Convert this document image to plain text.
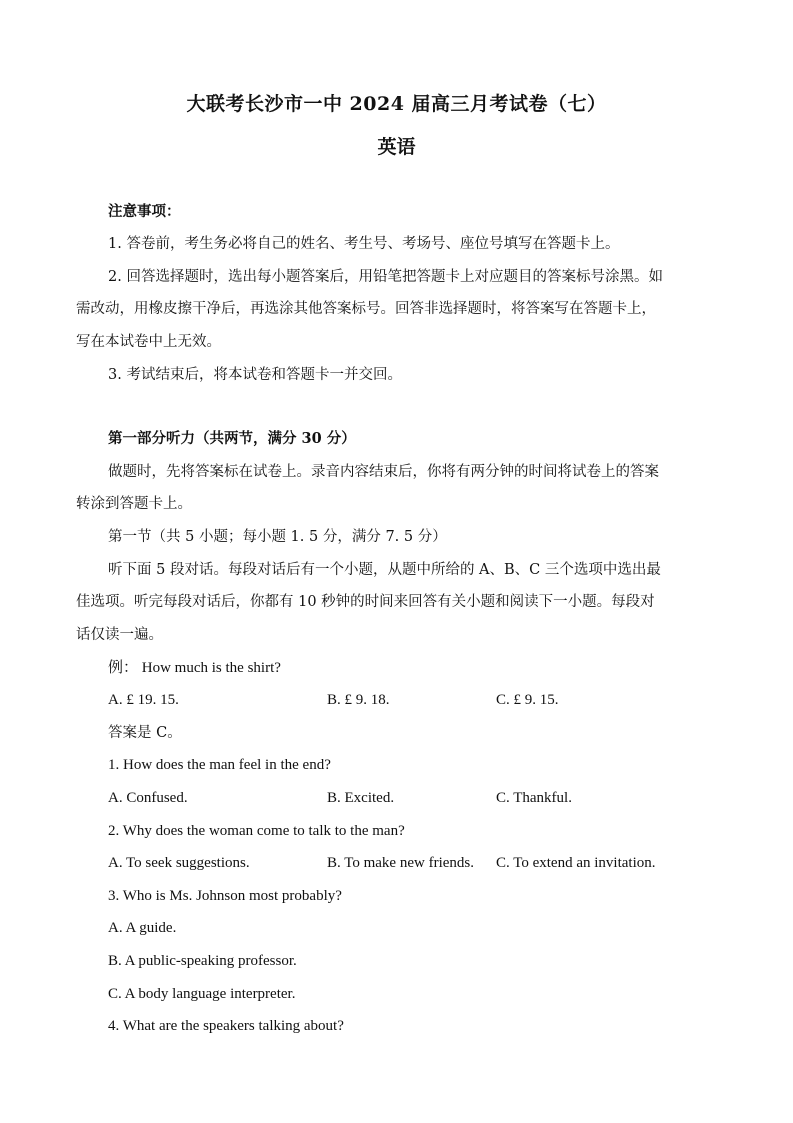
大联考长沙市一中 2024 届高三月考试卷（七）
英语
注意事项：
1. 答卷前，考生务必将自己的姓名、考生号、考场号、座位号填写在答题卡上。
2. 回答选择题时，选出每小题答案后，用铅笔把答题卡上对应题目的答案标号涂黑。如
需改动，用橡皮擦干净后，再选涂其他答案标号。回答非选择题时，将答案写在答题卡上，
写在本试卷中上无效。
3. 考试结束后，将本试卷和答题卡一并交回。
第一部分听力（共两节，满分 30 分）
做题时，先将答案标在试卷上。录音内容结束后，你将有两分钟的时间将试卷上的答案
转涂到答题卡上。
第一节（共 5 小题；每小题 1. 5 分，满分 7. 5 分）
听下面 5 段对话。每段对话后有一个小题，从题中所给的 A、B、C 三个选项中选出最
佳选项。听完每段对话后，你都有 10 秒钟的时间来回答有关小题和阅读下一小题。每段对
话仅读一遍。
例： How much is the shirt?
A. £ 19. 15.	B. £ 9. 18.	C. £ 9. 15.
答案是 C。
1. How does the man feel in the end?
A. Confused.	B. Excited.	C. Thankful.
2. Why does the woman come to talk to the man?
A. To seek suggestions.	B. To make new friends. C. To extend an invitation.
3. Who is Ms. Johnson most probably?
A. A guide.
B. A public-speaking professor.
C. A body language interpreter.
4. What are the speakers talking about?
